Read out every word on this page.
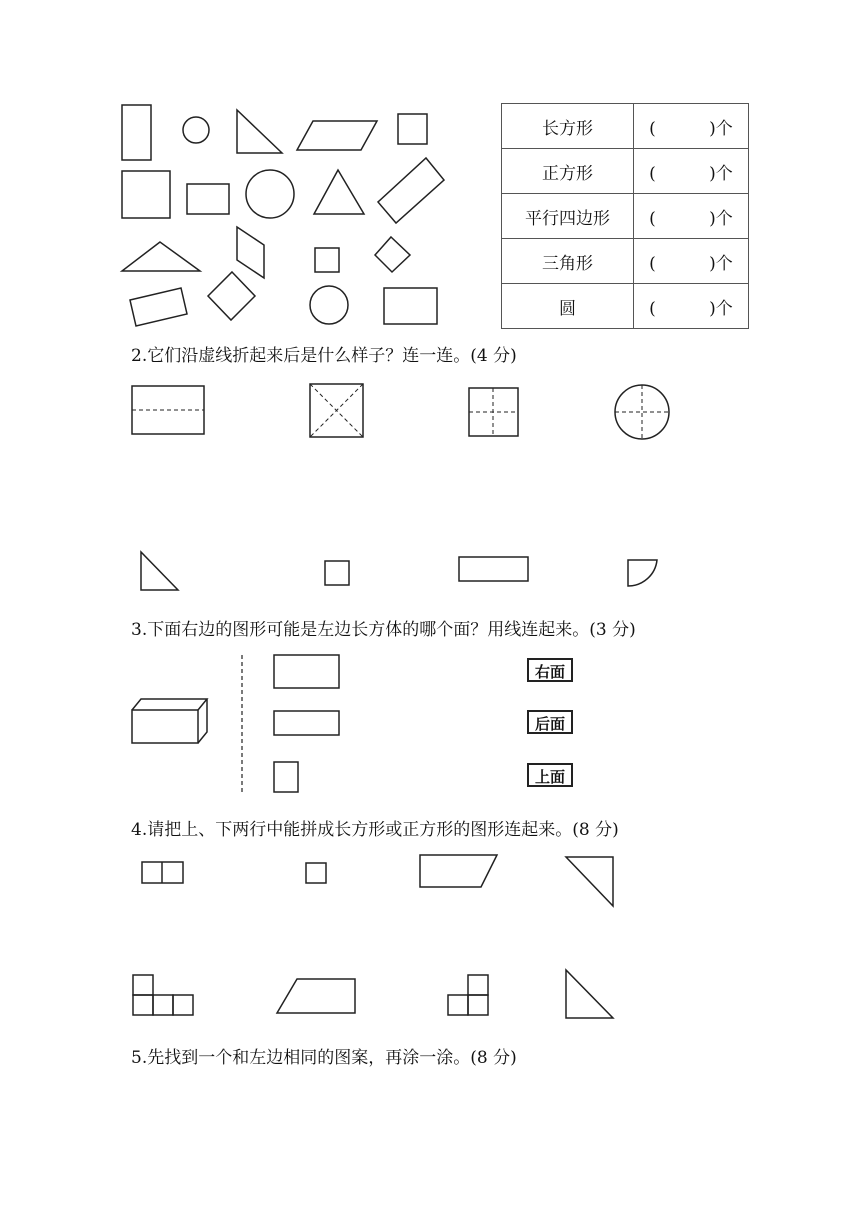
长方形	( )个
正方形	( )个
平行四边形	( )个
三角形	( )个
圆	( )个
2.它们沿虚线折起来后是什么样子？连一连。(4 分)
3.下面右边的图形可能是左边长方体的哪个面？用线连起来。(3 分)
右面
后面
上面
4.请把上、下两行中能拼成长方形或正方形的图形连起来。(8 分)
5.先找到一个和左边相同的图案，再涂一涂。(8 分)
